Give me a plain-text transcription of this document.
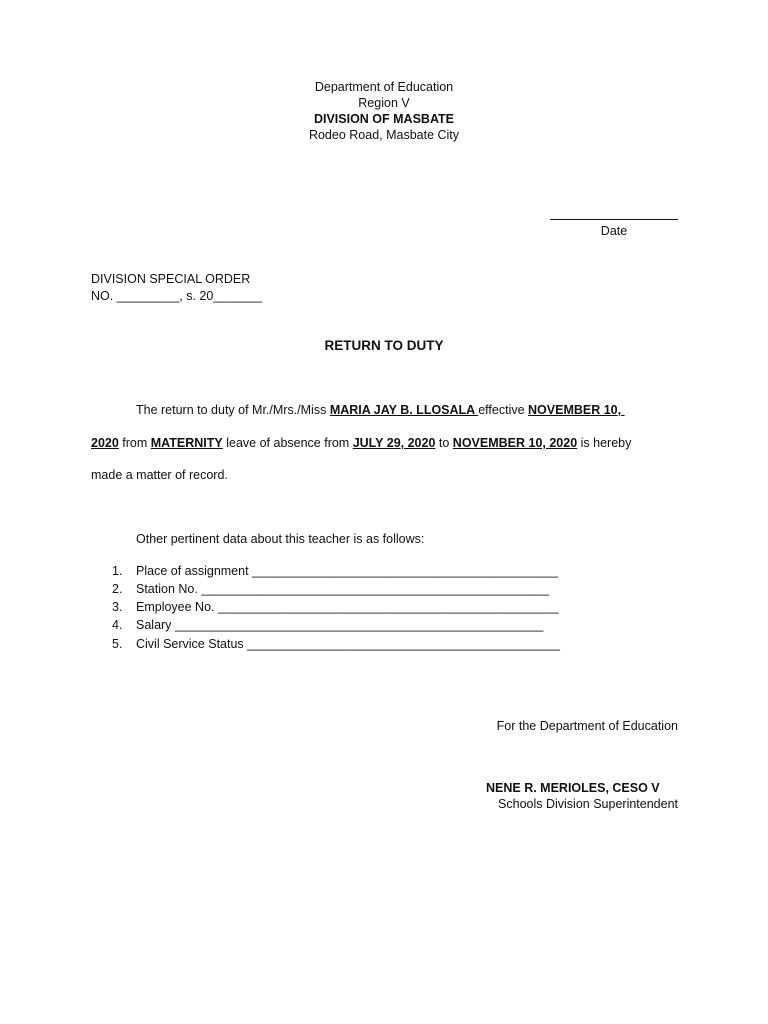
Department of Education
Region V
DIVISION OF MASBATE
Rodeo Road, Masbate City
Date
DIVISION SPECIAL ORDER
NO. _________, s. 20_______
RETURN TO DUTY
The return to duty of Mr./Mrs./Miss MARIA JAY B. LLOSALA effective NOVEMBER 10,
2020 from MATERNITY leave of absence from JULY 29, 2020 to NOVEMBER 10, 2020 is hereby
made a matter of record.
Other pertinent data about this teacher is as follows:
1. Place of assignment ____________________________________________
2. Station No. __________________________________________________
3. Employee No. _________________________________________________
4. Salary _____________________________________________________
5. Civil Service Status _____________________________________________
For the Department of Education
NENE R. MERIOLES, CESO V
Schools Division Superintendent
